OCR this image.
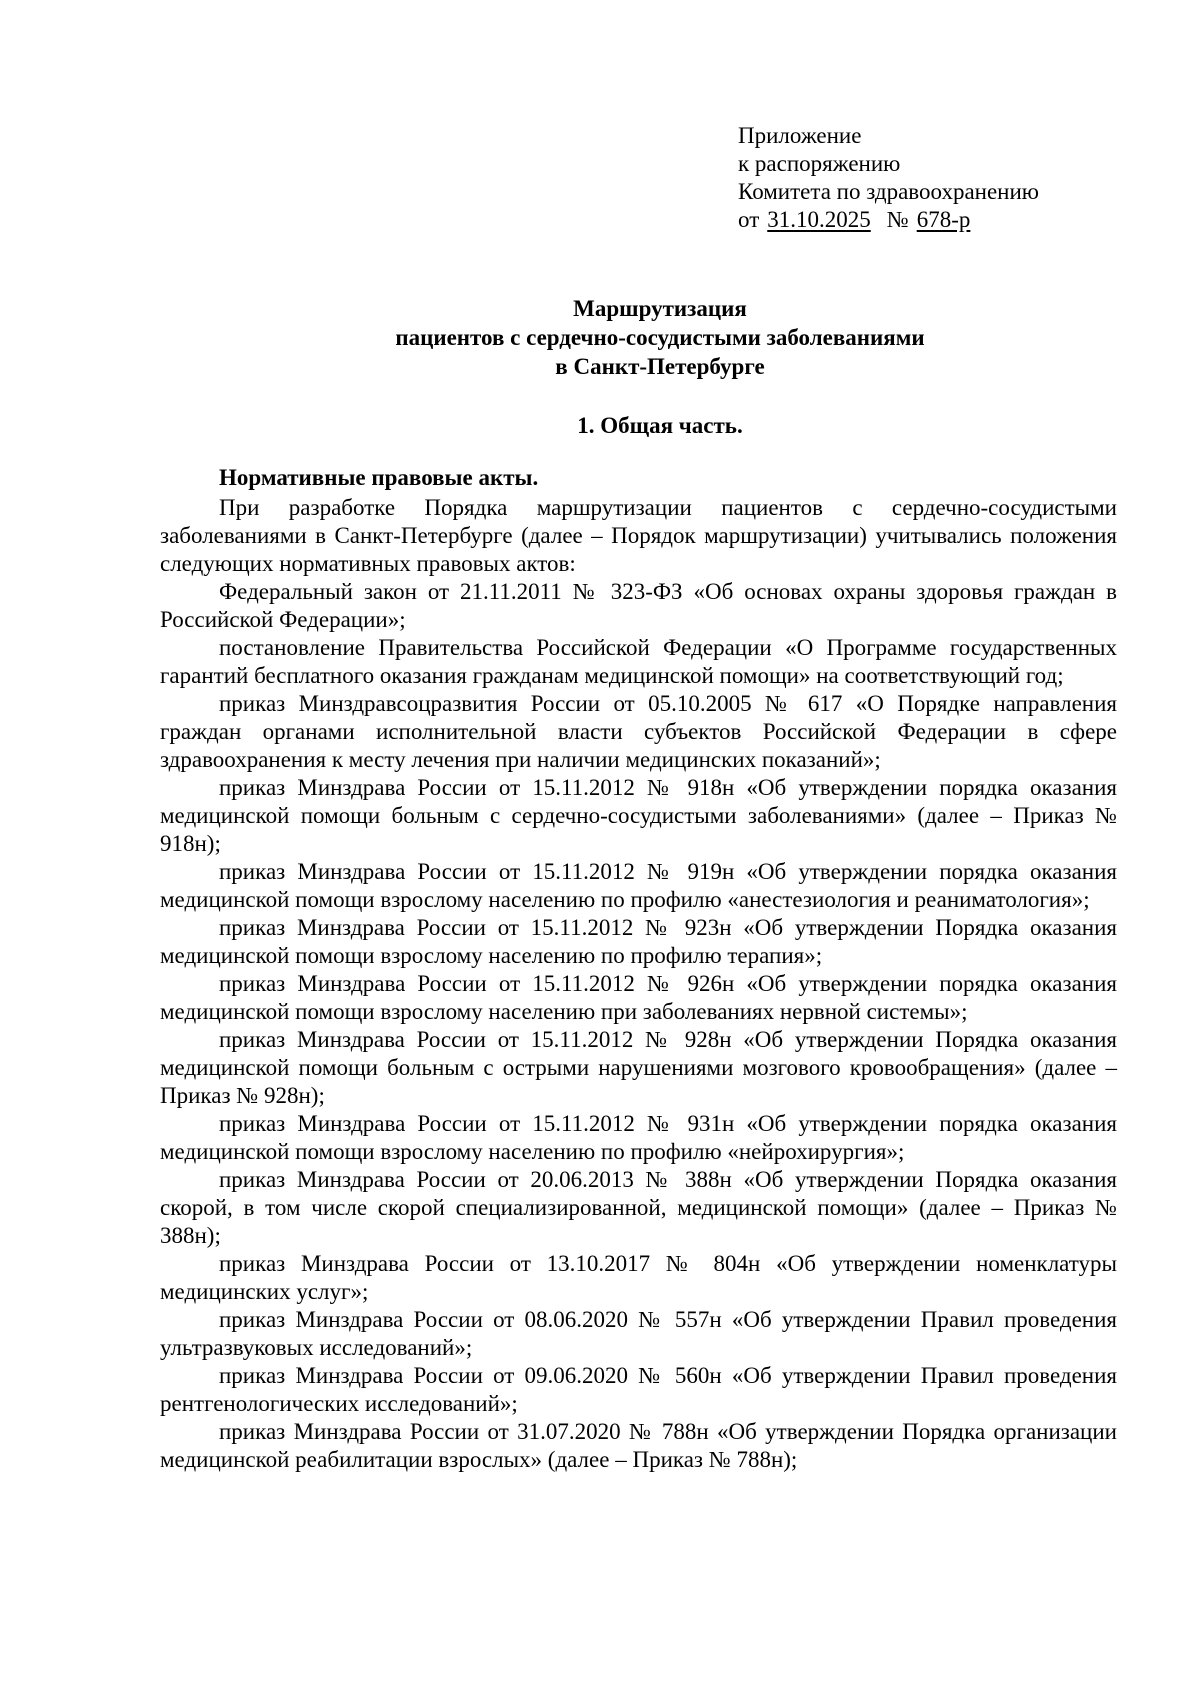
Приложение
к распоряжению
Комитета по здравоохранению
от 31.10.2025 № 678-р
Маршрутизация
пациентов с сердечно-сосудистыми заболеваниями
в Санкт-Петербурге
1. Общая часть.
Нормативные правовые акты.

При разработке Порядка маршрутизации пациентов с сердечно-сосудистыми заболеваниями в Санкт-Петербурге (далее – Порядок маршрутизации) учитывались положения следующих нормативных правовых актов:

Федеральный закон от 21.11.2011 № 323-ФЗ «Об основах охраны здоровья граждан в Российской Федерации»;

постановление Правительства Российской Федерации «О Программе государственных гарантий бесплатного оказания гражданам медицинской помощи» на соответствующий год;

приказ Минздравсоцразвития России от 05.10.2005 № 617 «О Порядке направления граждан органами исполнительной власти субъектов Российской Федерации в сфере здравоохранения к месту лечения при наличии медицинских показаний»;

приказ Минздрава России от 15.11.2012 № 918н «Об утверждении порядка оказания медицинской помощи больным с сердечно-сосудистыми заболеваниями» (далее – Приказ № 918н);

приказ Минздрава России от 15.11.2012 № 919н «Об утверждении порядка оказания медицинской помощи взрослому населению по профилю «анестезиология и реаниматология»;

приказ Минздрава России от 15.11.2012 № 923н «Об утверждении Порядка оказания медицинской помощи взрослому населению по профилю терапия»;

приказ Минздрава России от 15.11.2012 № 926н «Об утверждении порядка оказания медицинской помощи взрослому населению при заболеваниях нервной системы»;

приказ Минздрава России от 15.11.2012 № 928н «Об утверждении Порядка оказания медицинской помощи больным с острыми нарушениями мозгового кровообращения» (далее – Приказ № 928н);

приказ Минздрава России от 15.11.2012 № 931н «Об утверждении порядка оказания медицинской помощи взрослому населению по профилю «нейрохирургия»;

приказ Минздрава России от 20.06.2013 № 388н «Об утверждении Порядка оказания скорой, в том числе скорой специализированной, медицинской помощи» (далее – Приказ № 388н);

приказ Минздрава России от 13.10.2017 № 804н «Об утверждении номенклатуры медицинских услуг»;

приказ Минздрава России от 08.06.2020 № 557н «Об утверждении Правил проведения ультразвуковых исследований»;

приказ Минздрава России от 09.06.2020 № 560н «Об утверждении Правил проведения рентгенологических исследований»;

приказ Минздрава России от 31.07.2020 № 788н «Об утверждении Порядка организации медицинской реабилитации взрослых» (далее – Приказ № 788н);
